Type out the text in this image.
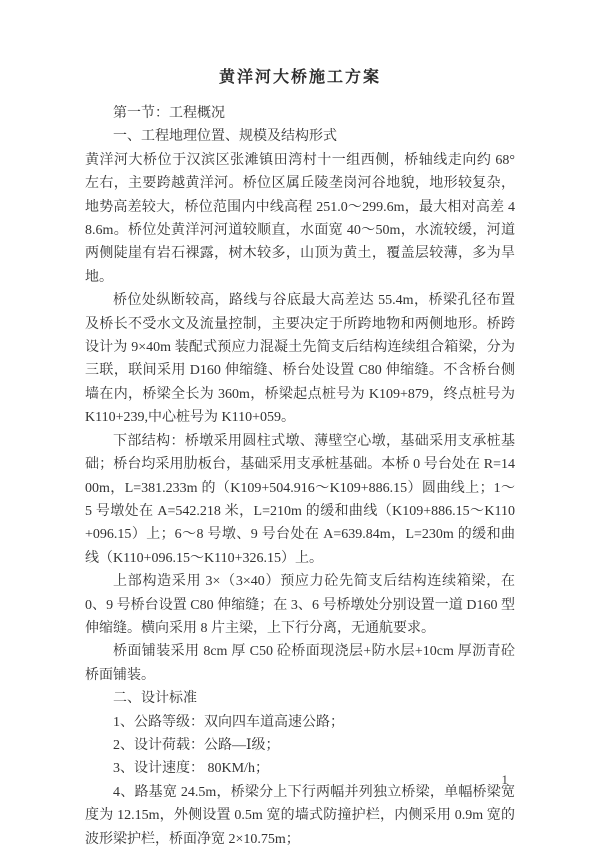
黄洋河大桥施工方案

第一节：工程概况

一、工程地理位置、规模及结构形式

黄洋河大桥位于汉滨区张滩镇田湾村十一组西侧，桥轴线走向约 68° 左右，主要跨越黄洋河。桥位区属丘陵垄岗河谷地貌，地形较复杂，地势高差较大，桥位范围内中线高程 251.0～299.6m，最大相对高差 48.6m。桥位处黄洋河河道较顺直，水面宽 40～50m，水流较缓，河道两侧陡崖有岩石裸露，树木较多，山顶为黄土，覆盖层较薄，多为旱地。

桥位处纵断较高，路线与谷底最大高差达 55.4m，桥梁孔径布置及桥长不受水文及流量控制，主要决定于所跨地物和两侧地形。桥跨设计为 9×40m 装配式预应力混凝土先简支后结构连续组合箱梁，分为三联，联间采用 D160 伸缩缝、桥台处设置 C80 伸缩缝。不含桥台侧墙在内，桥梁全长为 360m，桥梁起点桩号为 K109+879，终点桩号为 K110+239,中心桩号为 K110+059。

下部结构：桥墩采用圆柱式墩、薄壁空心墩，基础采用支承桩基础；桥台均采用肋板台，基础采用支承桩基础。本桥 0 号台处在 R=1400m，L=381.233m 的（K109+504.916～K109+886.15）圆曲线上；1～5 号墩处在 A=542.218 米，L=210m 的缓和曲线（K109+886.15～K110+096.15）上；6～8 号墩、9 号台处在 A=639.84m，L=230m 的缓和曲线（K110+096.15～K110+326.15）上。

上部构造采用 3×（3×40）预应力砼先简支后结构连续箱梁，在 0、9 号桥台设置 C80 伸缩缝；在 3、6 号桥墩处分别设置一道 D160 型伸缩缝。横向采用 8 片主梁，上下行分离，无通航要求。

桥面铺装采用 8cm 厚 C50 砼桥面现浇层+防水层+10cm 厚沥青砼桥面铺装。

二、设计标准

1、公路等级：双向四车道高速公路；

2、设计荷载：公路—Ⅰ级；

3、设计速度： 80KM/h；

4、路基宽 24.5m，桥梁分上下行两幅并列独立桥梁，单幅桥梁宽度为 12.15m，外侧设置 0.5m 宽的墙式防撞护栏，内侧采用 0.9m 宽的波形梁护栏，桥面净宽 2×10.75m；

1
